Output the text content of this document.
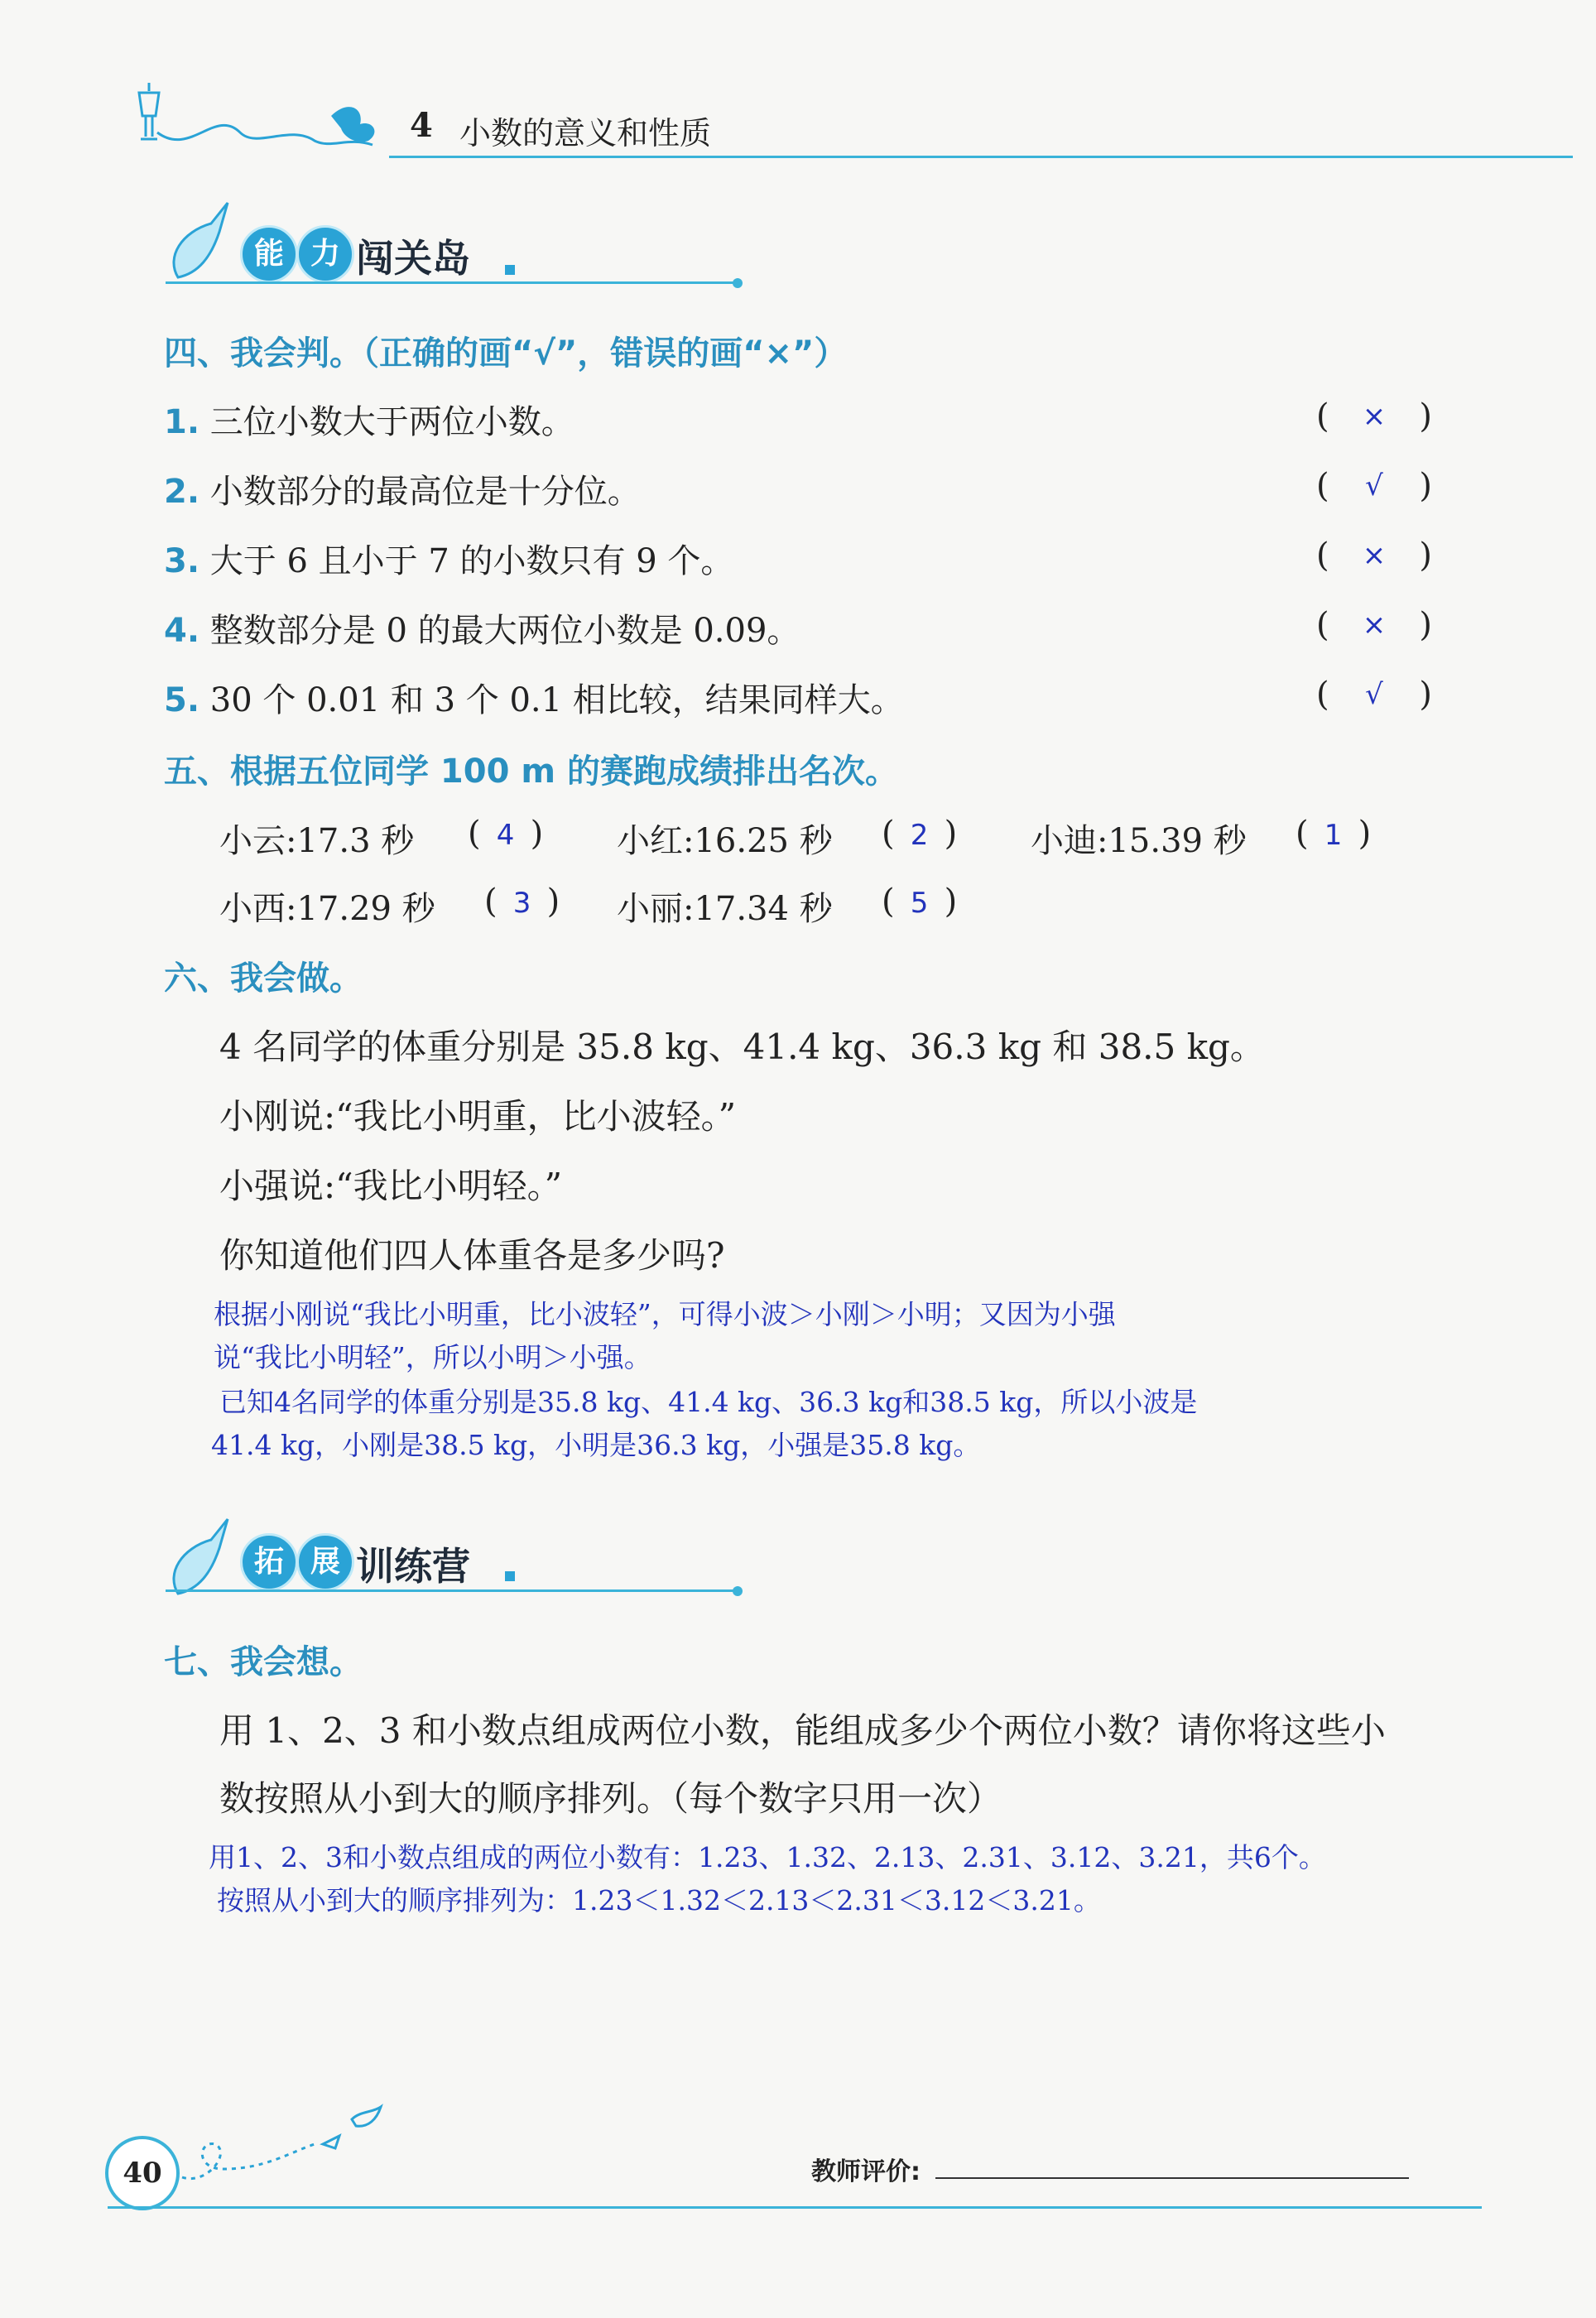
4 小数的意义和性质
能 力 闯关岛
四、我会判。（正确的画“√”，错误的画“×”）
1. 三位小数大于两位小数。	( × )
2. 小数部分的最高位是十分位。	( √ )
3. 大于 6 且小于 7 的小数只有 9 个。	( × )
4. 整数部分是 0 的最大两位小数是 0.09。	( × )
5. 30 个 0.01 和 3 个 0.1 相比较，结果同样大。	( √ )
五、根据五位同学 100 m 的赛跑成绩排出名次。
小云:17.3 秒 ( 4 ) 小红:16.25 秒 ( 2 ) 小迪:15.39 秒 ( 1 )
小西:17.29 秒 ( 3 ) 小丽:17.34 秒 ( 5 )
六、我会做。
4 名同学的体重分别是 35.8 kg、41.4 kg、36.3 kg 和 38.5 kg。
小刚说:“我比小明重，比小波轻。”
小强说:“我比小明轻。”
你知道他们四人体重各是多少吗?
根据小刚说“我比小明重，比小波轻”，可得小波＞小刚＞小明；又因为小强
说“我比小明轻”，所以小明＞小强。
已知4名同学的体重分别是35.8 kg、41.4 kg、36.3 kg和38.5 kg，所以小波是
41.4 kg，小刚是38.5 kg，小明是36.3 kg，小强是35.8 kg。
拓 展 训练营
七、我会想。
用 1、2、3 和小数点组成两位小数，能组成多少个两位小数？请你将这些小
数按照从小到大的顺序排列。（每个数字只用一次）
用1、2、3和小数点组成的两位小数有：1.23、1.32、2.13、2.31、3.12、3.21，共6个。
按照从小到大的顺序排列为：1.23＜1.32＜2.13＜2.31＜3.12＜3.21。
40	教师评价:
